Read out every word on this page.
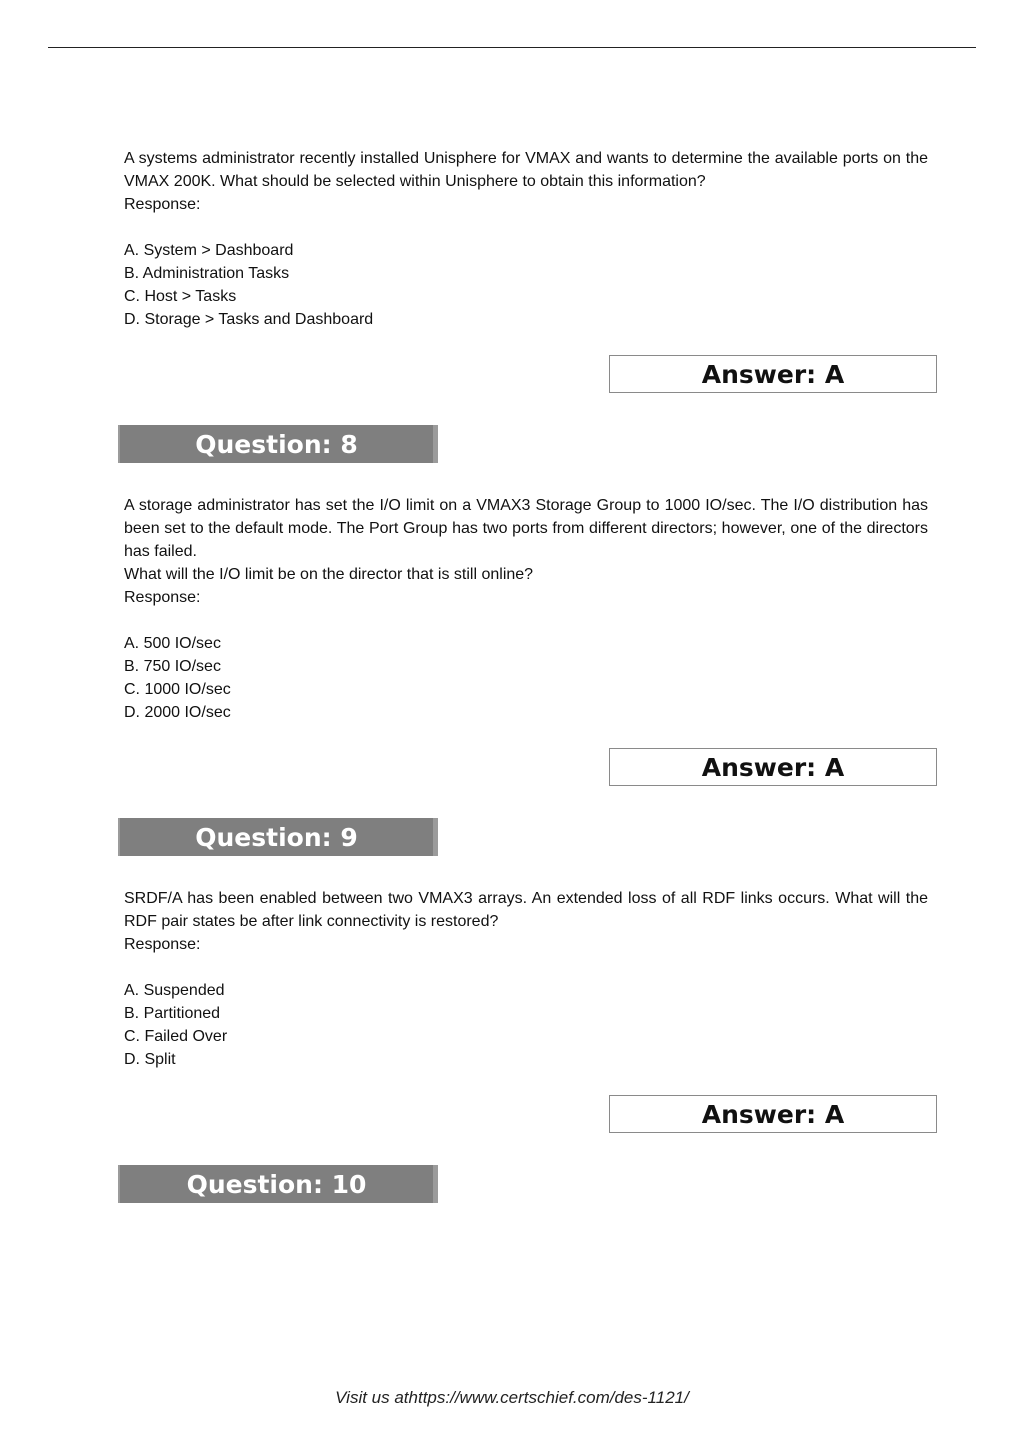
A systems administrator recently installed Unisphere for VMAX and wants to determine the available ports on the VMAX 200K. What should be selected within Unisphere to obtain this information?

Response:

A. System > Dashboard

B. Administration Tasks

C. Host > Tasks

D. Storage > Tasks and Dashboard

Answer: A
Question: 8

A storage administrator has set the I/O limit on a VMAX3 Storage Group to 1000 IO/sec. The I/O distribution has been set to the default mode. The Port Group has two ports from different directors; however, one of the directors has failed.

What will the I/O limit be on the director that is still online?

Response:

A. 500 IO/sec

B. 750 IO/sec

C. 1000 IO/sec

D. 2000 IO/sec

Answer: A
Question: 9

SRDF/A has been enabled between two VMAX3 arrays. An extended loss of all RDF links occurs. What will the RDF pair states be after link connectivity is restored?

Response:

A. Suspended

B. Partitioned

C. Failed Over

D. Split

Answer: A
Question: 10
Visit us athttps://www.certschief.com/des-1121/
